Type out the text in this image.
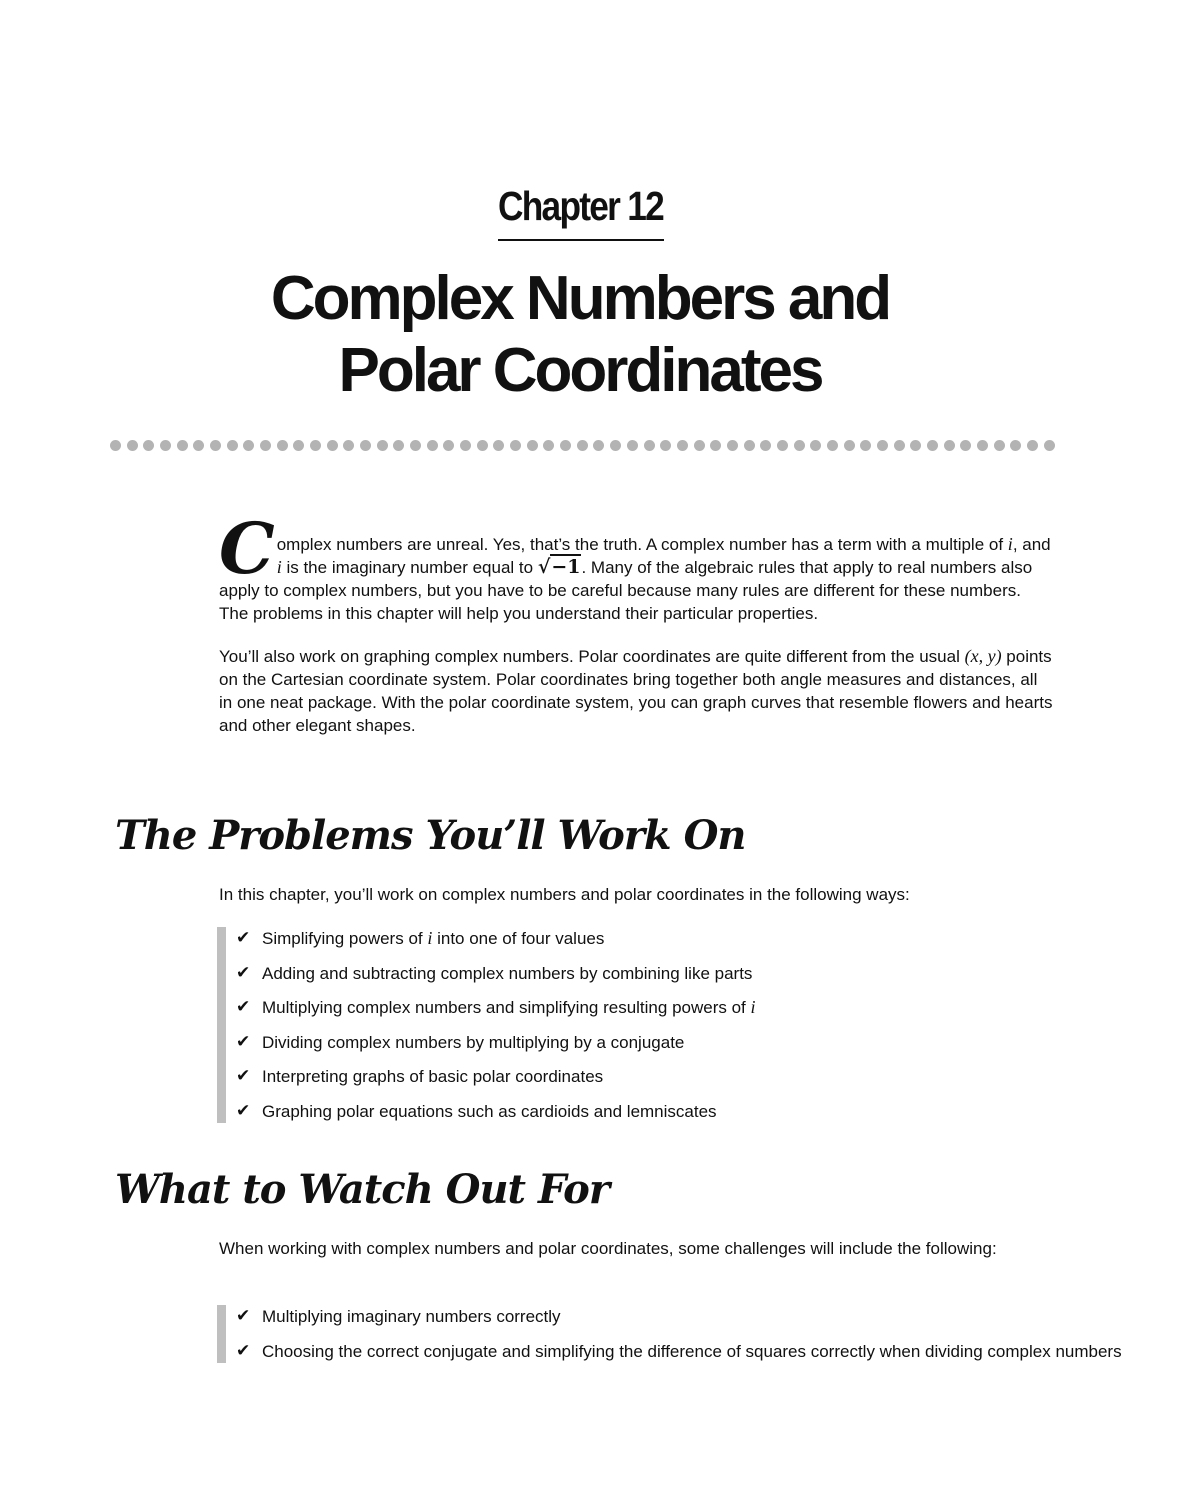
Chapter 12
Complex Numbers and
Polar Coordinates

Complex numbers are unreal. Yes, that’s the truth. A complex number has a term with a multiple of i, and i is the imaginary number equal to √−1. Many of the algebraic rules that apply to real numbers also apply to complex numbers, but you have to be careful because many rules are different for these numbers. The problems in this chapter will help you understand their particular properties.

You’ll also work on graphing complex numbers. Polar coordinates are quite different from the usual (x, y) points on the Cartesian coordinate system. Polar coordinates bring together both angle measures and distances, all in one neat package. With the polar coordinate system, you can graph curves that resemble flowers and hearts and other elegant shapes.

The Problems You’ll Work On
In this chapter, you’ll work on complex numbers and polar coordinates in the following ways:
✔ Simplifying powers of i into one of four values
✔ Adding and subtracting complex numbers by combining like parts
✔ Multiplying complex numbers and simplifying resulting powers of i
✔ Dividing complex numbers by multiplying by a conjugate
✔ Interpreting graphs of basic polar coordinates
✔ Graphing polar equations such as cardioids and lemniscates
What to Watch Out For
When working with complex numbers and polar coordinates, some challenges will include the following:
✔ Multiplying imaginary numbers correctly
✔ Choosing the correct conjugate and simplifying the difference of squares correctly when dividing complex numbers
